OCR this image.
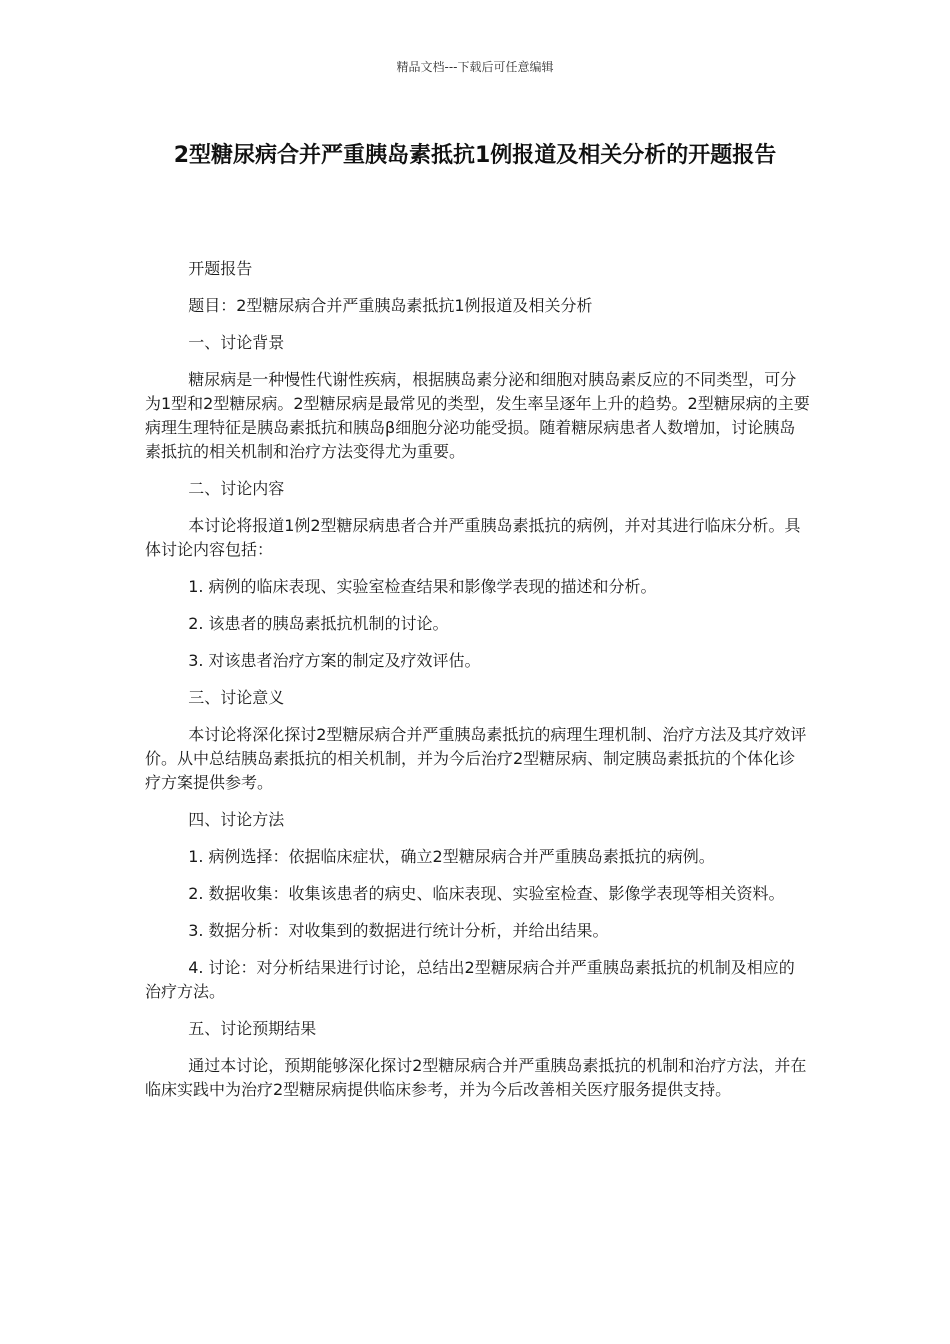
精品文档---下载后可任意编辑
2型糖尿病合并严重胰岛素抵抗1例报道及相关分析的开题报告

开题报告

题目：2型糖尿病合并严重胰岛素抵抗1例报道及相关分析

一、讨论背景

糖尿病是一种慢性代谢性疾病，根据胰岛素分泌和细胞对胰岛素反应的不同类型，可分为1型和2型糖尿病。2型糖尿病是最常见的类型，发生率呈逐年上升的趋势。2型糖尿病的主要病理生理特征是胰岛素抵抗和胰岛β细胞分泌功能受损。随着糖尿病患者人数增加，讨论胰岛素抵抗的相关机制和治疗方法变得尤为重要。

二、讨论内容

本讨论将报道1例2型糖尿病患者合并严重胰岛素抵抗的病例，并对其进行临床分析。具体讨论内容包括：

1. 病例的临床表现、实验室检查结果和影像学表现的描述和分析。

2. 该患者的胰岛素抵抗机制的讨论。

3. 对该患者治疗方案的制定及疗效评估。

三、讨论意义

本讨论将深化探讨2型糖尿病合并严重胰岛素抵抗的病理生理机制、治疗方法及其疗效评价。从中总结胰岛素抵抗的相关机制，并为今后治疗2型糖尿病、制定胰岛素抵抗的个体化诊疗方案提供参考。

四、讨论方法

1. 病例选择：依据临床症状，确立2型糖尿病合并严重胰岛素抵抗的病例。

2. 数据收集：收集该患者的病史、临床表现、实验室检查、影像学表现等相关资料。

3. 数据分析：对收集到的数据进行统计分析，并给出结果。

4. 讨论：对分析结果进行讨论，总结出2型糖尿病合并严重胰岛素抵抗的机制及相应的治疗方法。

五、讨论预期结果

通过本讨论，预期能够深化探讨2型糖尿病合并严重胰岛素抵抗的机制和治疗方法，并在临床实践中为治疗2型糖尿病提供临床参考，并为今后改善相关医疗服务提供支持。
